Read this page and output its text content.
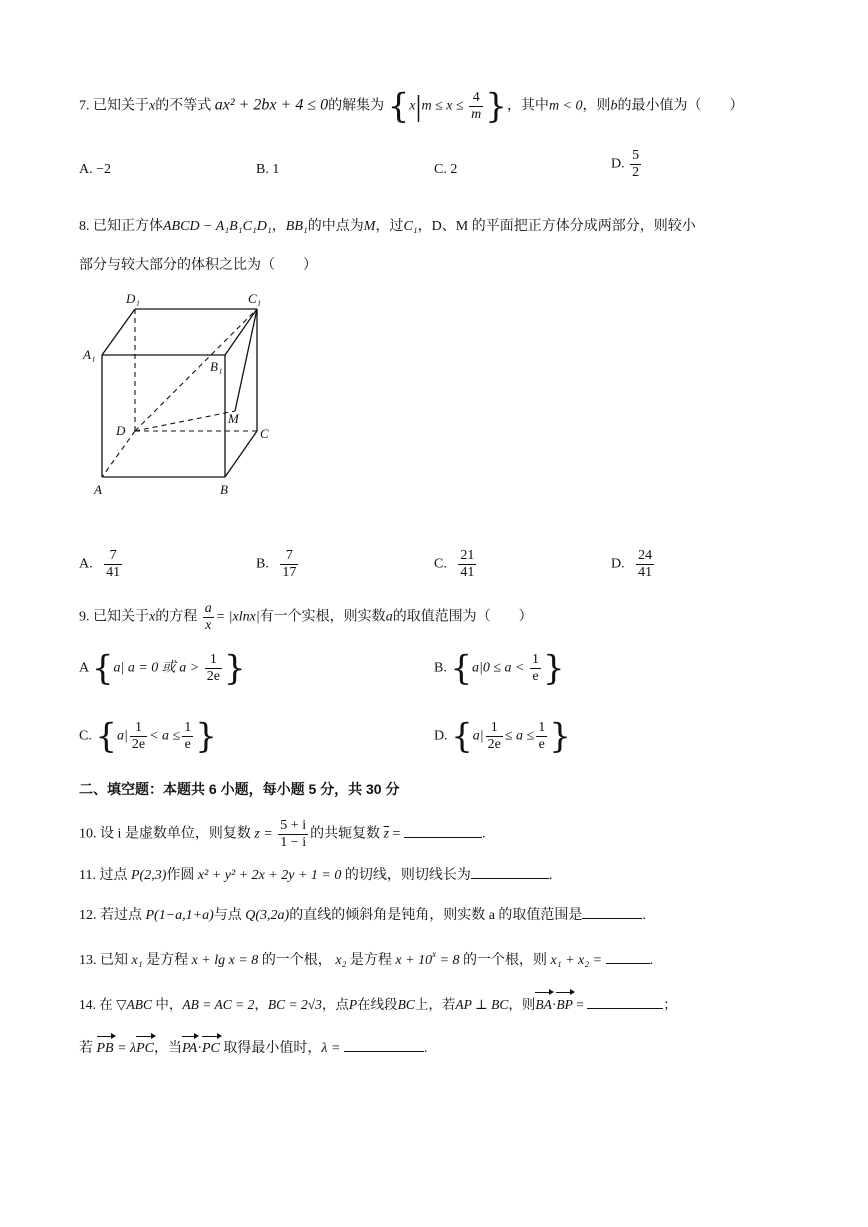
7. 已知关于x的不等式 ax² + 2bx + 4 ≤ 0的解集为 {$x|m \le x \le \frac{4}{m}$ }，其中m < 0，则b的最小值为（　　）
A. −2	B. 1	C. 2	D. $\frac{5}{2}$
8. 已知正方体ABCD − A₁B₁C₁D₁，BB₁的中点为M，过C₁，D、M 的平面把正方体分成两部分，则较小
部分与较大部分的体积之比为（　　）
D₁	C₁
A₁
B₁
M
D	C
A	B
A. $\frac{7}{41}$	B. $\frac{7}{17}$	C. $\frac{21}{41}$	D. $\frac{24}{41}$
9. 已知关于x的方程 $\frac{a}{x} = |xlnx|$有一个实根，则实数a的取值范围为（　　）
A {a| a = 0 或 $a > \frac{1}{2e}$ }	B. {$a|0 \le a < \frac{1}{e}$ }
C. {$a| \frac{1}{2e} < a \le \frac{1}{e}$ }	D. {$a| \frac{1}{2e} \le a \le \frac{1}{e}$ }
二、填空题：本题共 6 小题，每小题 5 分，共 30 分
10. 设 i 是虚数单位，则复数 $z = \frac{5 + i}{1 - i}$ 的共轭复数 $\overline{z}$ =	.
11. 过点 P(2,3)作圆 x² + y² + 2x + 2y + 1 = 0 的切线，则切线长为	.
12. 若过点 P(1−a,1+a)与点 Q(3,2a)的直线的倾斜角是钝角，则实数 a 的取值范围是	.
13. 已知 x₁ 是方程 x + lg x = 8 的一个根， x₂ 是方程 $x + 10^x = 8$ 的一个根，则 x₁ + x₂ =	.
14. 在 ▽ABC 中，AB = AC = 2，BC = 2√3，点P在线段BC上，若AP ⊥ BC，则BA·BP =	；
若 PB = λPC，当PA·PC 取得最小值时，λ =	.
